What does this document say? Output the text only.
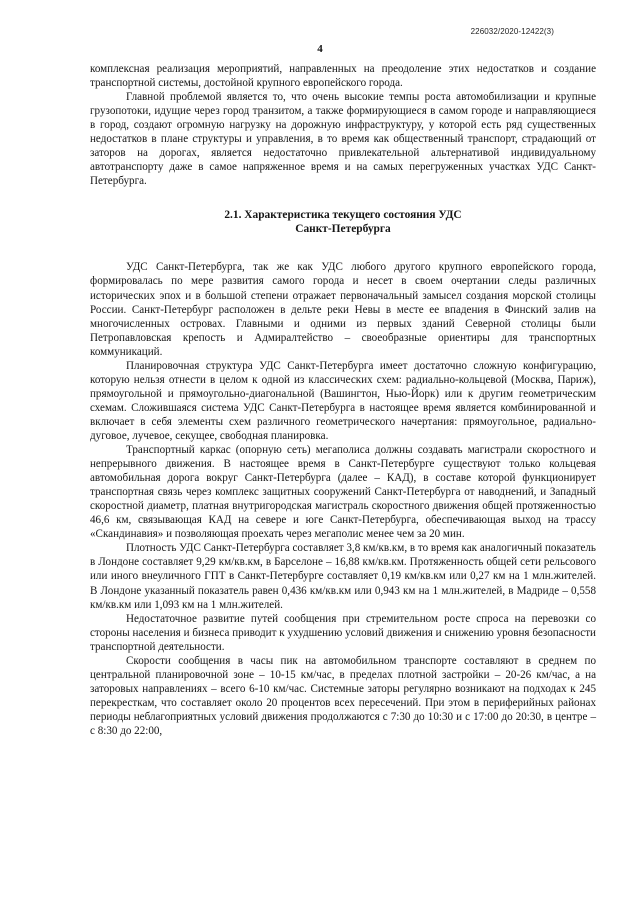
226032/2020-12422(3)
4

комплексная реализация мероприятий, направленных на преодоление этих недостатков и создание транспортной системы, достойной крупного европейского города.

Главной проблемой является то, что очень высокие темпы роста автомобилизации и крупные грузопотоки, идущие через город транзитом, а также формирующиеся в самом городе и направляющиеся в город, создают огромную нагрузку на дорожную инфраструктуру, у которой есть ряд существенных недостатков в плане структуры и управления, в то время как общественный транспорт, страдающий от заторов на дорогах, является недостаточно привлекательной альтернативой индивидуальному автотранспорту даже в самое напряженное время и на самых перегруженных участках УДС Санкт-Петербурга.

2.1. Характеристика текущего состояния УДС
Санкт-Петербурга

УДС Санкт-Петербурга, так же как УДС любого другого крупного европейского города, формировалась по мере развития самого города и несет в своем очертании следы различных исторических эпох и в большой степени отражает первоначальный замысел создания морской столицы России. Санкт-Петербург расположен в дельте реки Невы в месте ее впадения в Финский залив на многочисленных островах. Главными и одними из первых зданий Северной столицы были Петропавловская крепость и Адмиралтейство – своеобразные ориентиры для транспортных коммуникаций.

Планировочная структура УДС Санкт-Петербурга имеет достаточно сложную конфигурацию, которую нельзя отнести в целом к одной из классических схем: радиально-кольцевой (Москва, Париж), прямоугольной и прямоугольно-диагональной (Вашингтон, Нью-Йорк) или к другим геометрическим схемам. Сложившаяся система УДС Санкт-Петербурга в настоящее время является комбинированной и включает в себя элементы схем различного геометрического начертания: прямоугольное, радиально-дуговое, лучевое, секущее, свободная планировка.

Транспортный каркас (опорную сеть) мегаполиса должны создавать магистрали скоростного и непрерывного движения. В настоящее время в Санкт-Петербурге существуют только кольцевая автомобильная дорога вокруг Санкт-Петербурга (далее – КАД), в составе которой функционирует транспортная связь через комплекс защитных сооружений Санкт-Петербурга от наводнений, и Западный скоростной диаметр, платная внутригородская магистраль скоростного движения общей протяженностью 46,6 км, связывающая КАД на севере и юге Санкт-Петербурга, обеспечивающая выход на трассу «Скандинавия» и позволяющая проехать через мегаполис менее чем за 20 мин.

Плотность УДС Санкт-Петербурга составляет 3,8 км/кв.км, в то время как аналогичный показатель в Лондоне составляет 9,29 км/кв.км, в Барселоне – 16,88 км/кв.км. Протяженность общей сети рельсового или иного внеуличного ГПТ в Санкт-Петербурге составляет 0,19 км/кв.км или 0,27 км на 1 млн.жителей. В Лондоне указанный показатель равен 0,436 км/кв.км или 0,943 км на 1 млн.жителей, в Мадриде – 0,558 км/кв.км или 1,093 км на 1 млн.жителей.

Недостаточное развитие путей сообщения при стремительном росте спроса на перевозки со стороны населения и бизнеса приводит к ухудшению условий движения и снижению уровня безопасности транспортной деятельности.

Скорости сообщения в часы пик на автомобильном транспорте составляют в среднем по центральной планировочной зоне – 10-15 км/час, в пределах плотной застройки – 20-26 км/час, а на заторовых направлениях – всего 6-10 км/час. Системные заторы регулярно возникают на подходах к 245 перекресткам, что составляет около 20 процентов всех пересечений. При этом в периферийных районах периоды неблагоприятных условий движения продолжаются с 7:30 до 10:30 и с 17:00 до 20:30, в центре – с 8:30 до 22:00,
